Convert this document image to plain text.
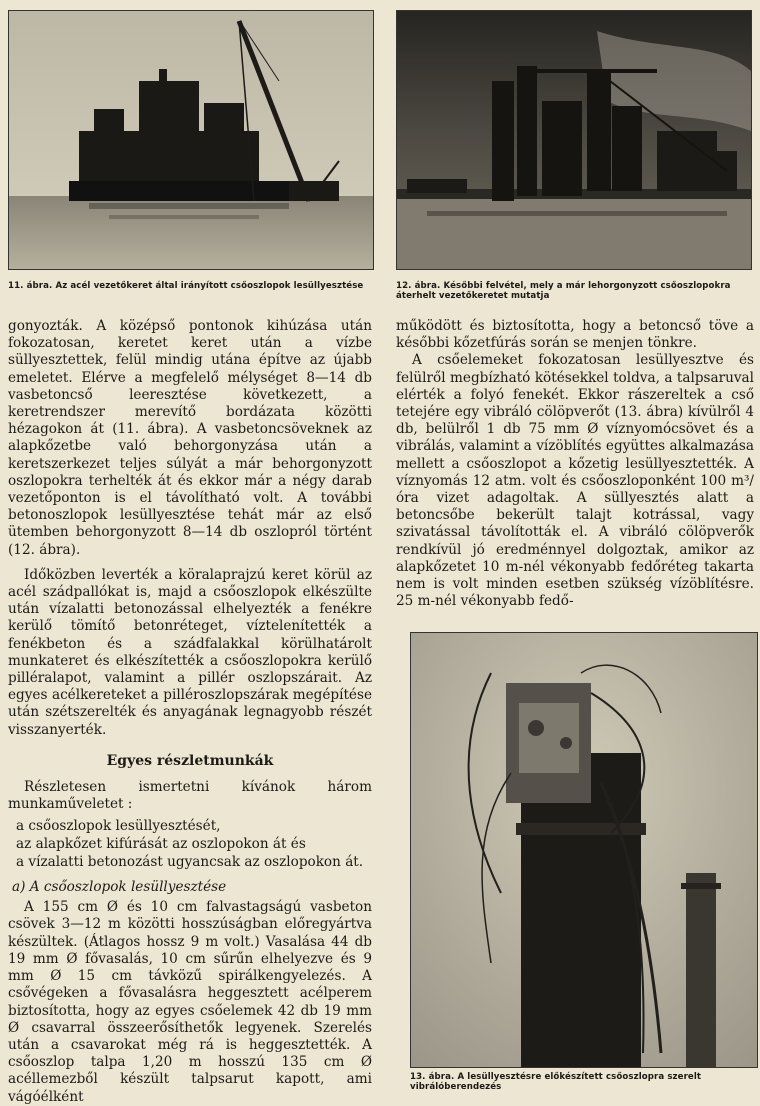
11. ábra. Az acél vezetőkeret által irányított csőoszlopok lesüllyesztése	12. ábra. Későbbi felvétel, mely a már lehorgonyzott csőoszlopokra áterhelt vezetőkeretet mutatja

gonyozták. A középső pontonok kihúzása után fokozatosan, keretet keret után a vízbe süllyesztettek, felül mindig utána építve az újabb emeletet. Elérve a megfelelő mélységet 8—14 db vasbetoncső leeresztése következett, a keretrendszer merevítő bordázata közötti hézagokon át (11. ábra). A vasbetoncsöveknek az alapkőzetbe való behorgonyzása után a keretszerkezet teljes súlyát a már behorgonyzott oszlopokra terhelték át és ekkor már a négy darab vezetőponton is el távolítható volt. A további betonoszlopok lesüllyesztése tehát már az első ütemben behorgonyzott 8—14 db oszlopról történt (12. ábra).

Időközben leverték a köralaprajzú keret körül az acél szádpallókat is, majd a csőoszlopok elkészülte után vízalatti betonozással elhelyezték a fenékre kerülő tömítő betonréteget, víztelenítették a fenékbeton és a szádfalakkal körülhatárolt munkateret és elkészítették a csőoszlopokra kerülő pilléralapot, valamint a pillér oszlopszárait. Az egyes acélkereteket a pilléroszlopszárak megépítése után szétszerelték és anyagának legnagyobb részét visszanyerték.

Egyes részletmunkák

Részletesen ismertetni kívánok három munkaműveletet :

a csőoszlopok lesüllyesztését,

az alapkőzet kifúrását az oszlopokon át és

a vízalatti betonozást ugyancsak az oszlopokon át.

a) A csőoszlopok lesüllyesztése

A 155 cm Ø és 10 cm falvastagságú vasbeton csövek 3—12 m közötti hosszúságban előregyártva készültek. (Átlagos hossz 9 m volt.) Vasalása 44 db 19 mm Ø fővasalás, 10 cm sűrűn elhelyezve és 9 mm Ø 15 cm távközű spirálkengyelezés. A csővégeken a fővasalásra heggesztett acélperem biztosította, hogy az egyes csőelemek 42 db 19 mm Ø csavarral összeerősíthetők legyenek. Szerelés után a csavarokat még rá is heggesztették. A csőoszlop talpa 1,20 m hosszú 135 cm Ø acéllemezből készült talpsarut kapott, ami vágóélként

működött és biztosította, hogy a betoncső töve a későbbi kőzetfúrás során se menjen tönkre.

A csőelemeket fokozatosan lesüllyesztve és felülről megbízható kötésekkel toldva, a talpsaruval elérték a folyó fenekét. Ekkor rászereltek a cső tetejére egy vibráló cölöpverőt (13. ábra) kívülről 4 db, belülről 1 db 75 mm Ø víznyomócsövet és a vibrálás, valamint a vízöblítés együttes alkalmazása mellett a csőoszlopot a kőzetig lesüllyesztették. A víznyomás 12 atm. volt és csőoszloponként 100 m³/óra vizet adagoltak. A süllyesztés alatt a betoncsőbe bekerült talajt kotrással, vagy szivatással távolították el. A vibráló cölöpverők rendkívül jó eredménnyel dolgoztak, amikor az alapkőzetet 10 m-nél vékonyabb fedőréteg takarta nem is volt minden esetben szükség vízöblítésre. 25 m-nél vékonyabb fedő-

13. ábra. A lesüllyesztésre előkészített csőoszlopra szerelt vibrálóberendezés
